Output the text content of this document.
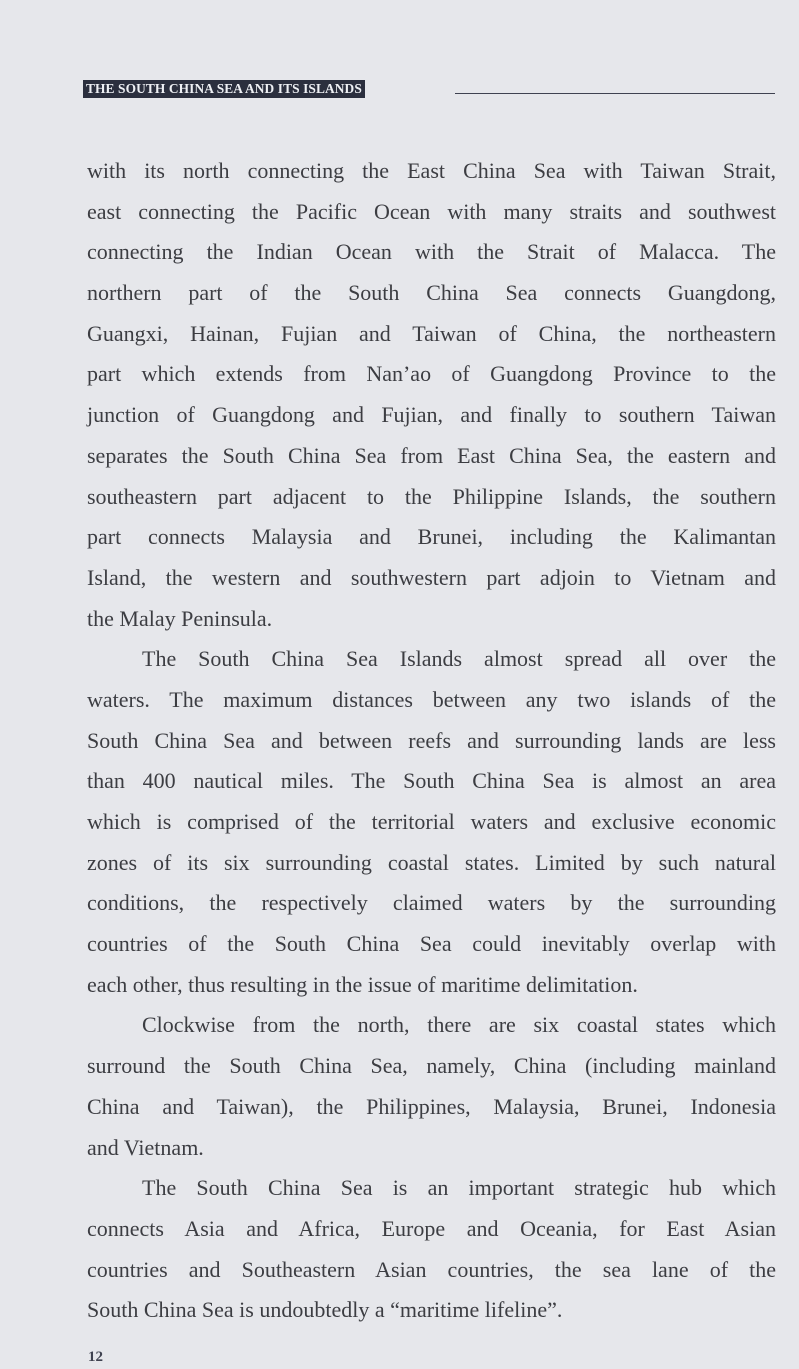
THE SOUTH CHINA SEA AND ITS ISLANDS
with its north connecting the East China Sea with Taiwan Strait,
east connecting the Pacific Ocean with many straits and southwest
connecting the Indian Ocean with the Strait of Malacca. The
northern part of the South China Sea connects Guangdong,
Guangxi, Hainan, Fujian and Taiwan of China, the northeastern
part which extends from Nan’ao of Guangdong Province to the
junction of Guangdong and Fujian, and finally to southern Taiwan
separates the South China Sea from East China Sea, the eastern and
southeastern part adjacent to the Philippine Islands, the southern
part connects Malaysia and Brunei, including the Kalimantan
Island, the western and southwestern part adjoin to Vietnam and
the Malay Peninsula.
The South China Sea Islands almost spread all over the
waters. The maximum distances between any two islands of the
South China Sea and between reefs and surrounding lands are less
than 400 nautical miles. The South China Sea is almost an area
which is comprised of the territorial waters and exclusive economic
zones of its six surrounding coastal states. Limited by such natural
conditions, the respectively claimed waters by the surrounding
countries of the South China Sea could inevitably overlap with
each other, thus resulting in the issue of maritime delimitation.
Clockwise from the north, there are six coastal states which
surround the South China Sea, namely, China (including mainland
China and Taiwan), the Philippines, Malaysia, Brunei, Indonesia
and Vietnam.
The South China Sea is an important strategic hub which
connects Asia and Africa, Europe and Oceania, for East Asian
countries and Southeastern Asian countries, the sea lane of the
South China Sea is undoubtedly a “maritime lifeline”.
12
